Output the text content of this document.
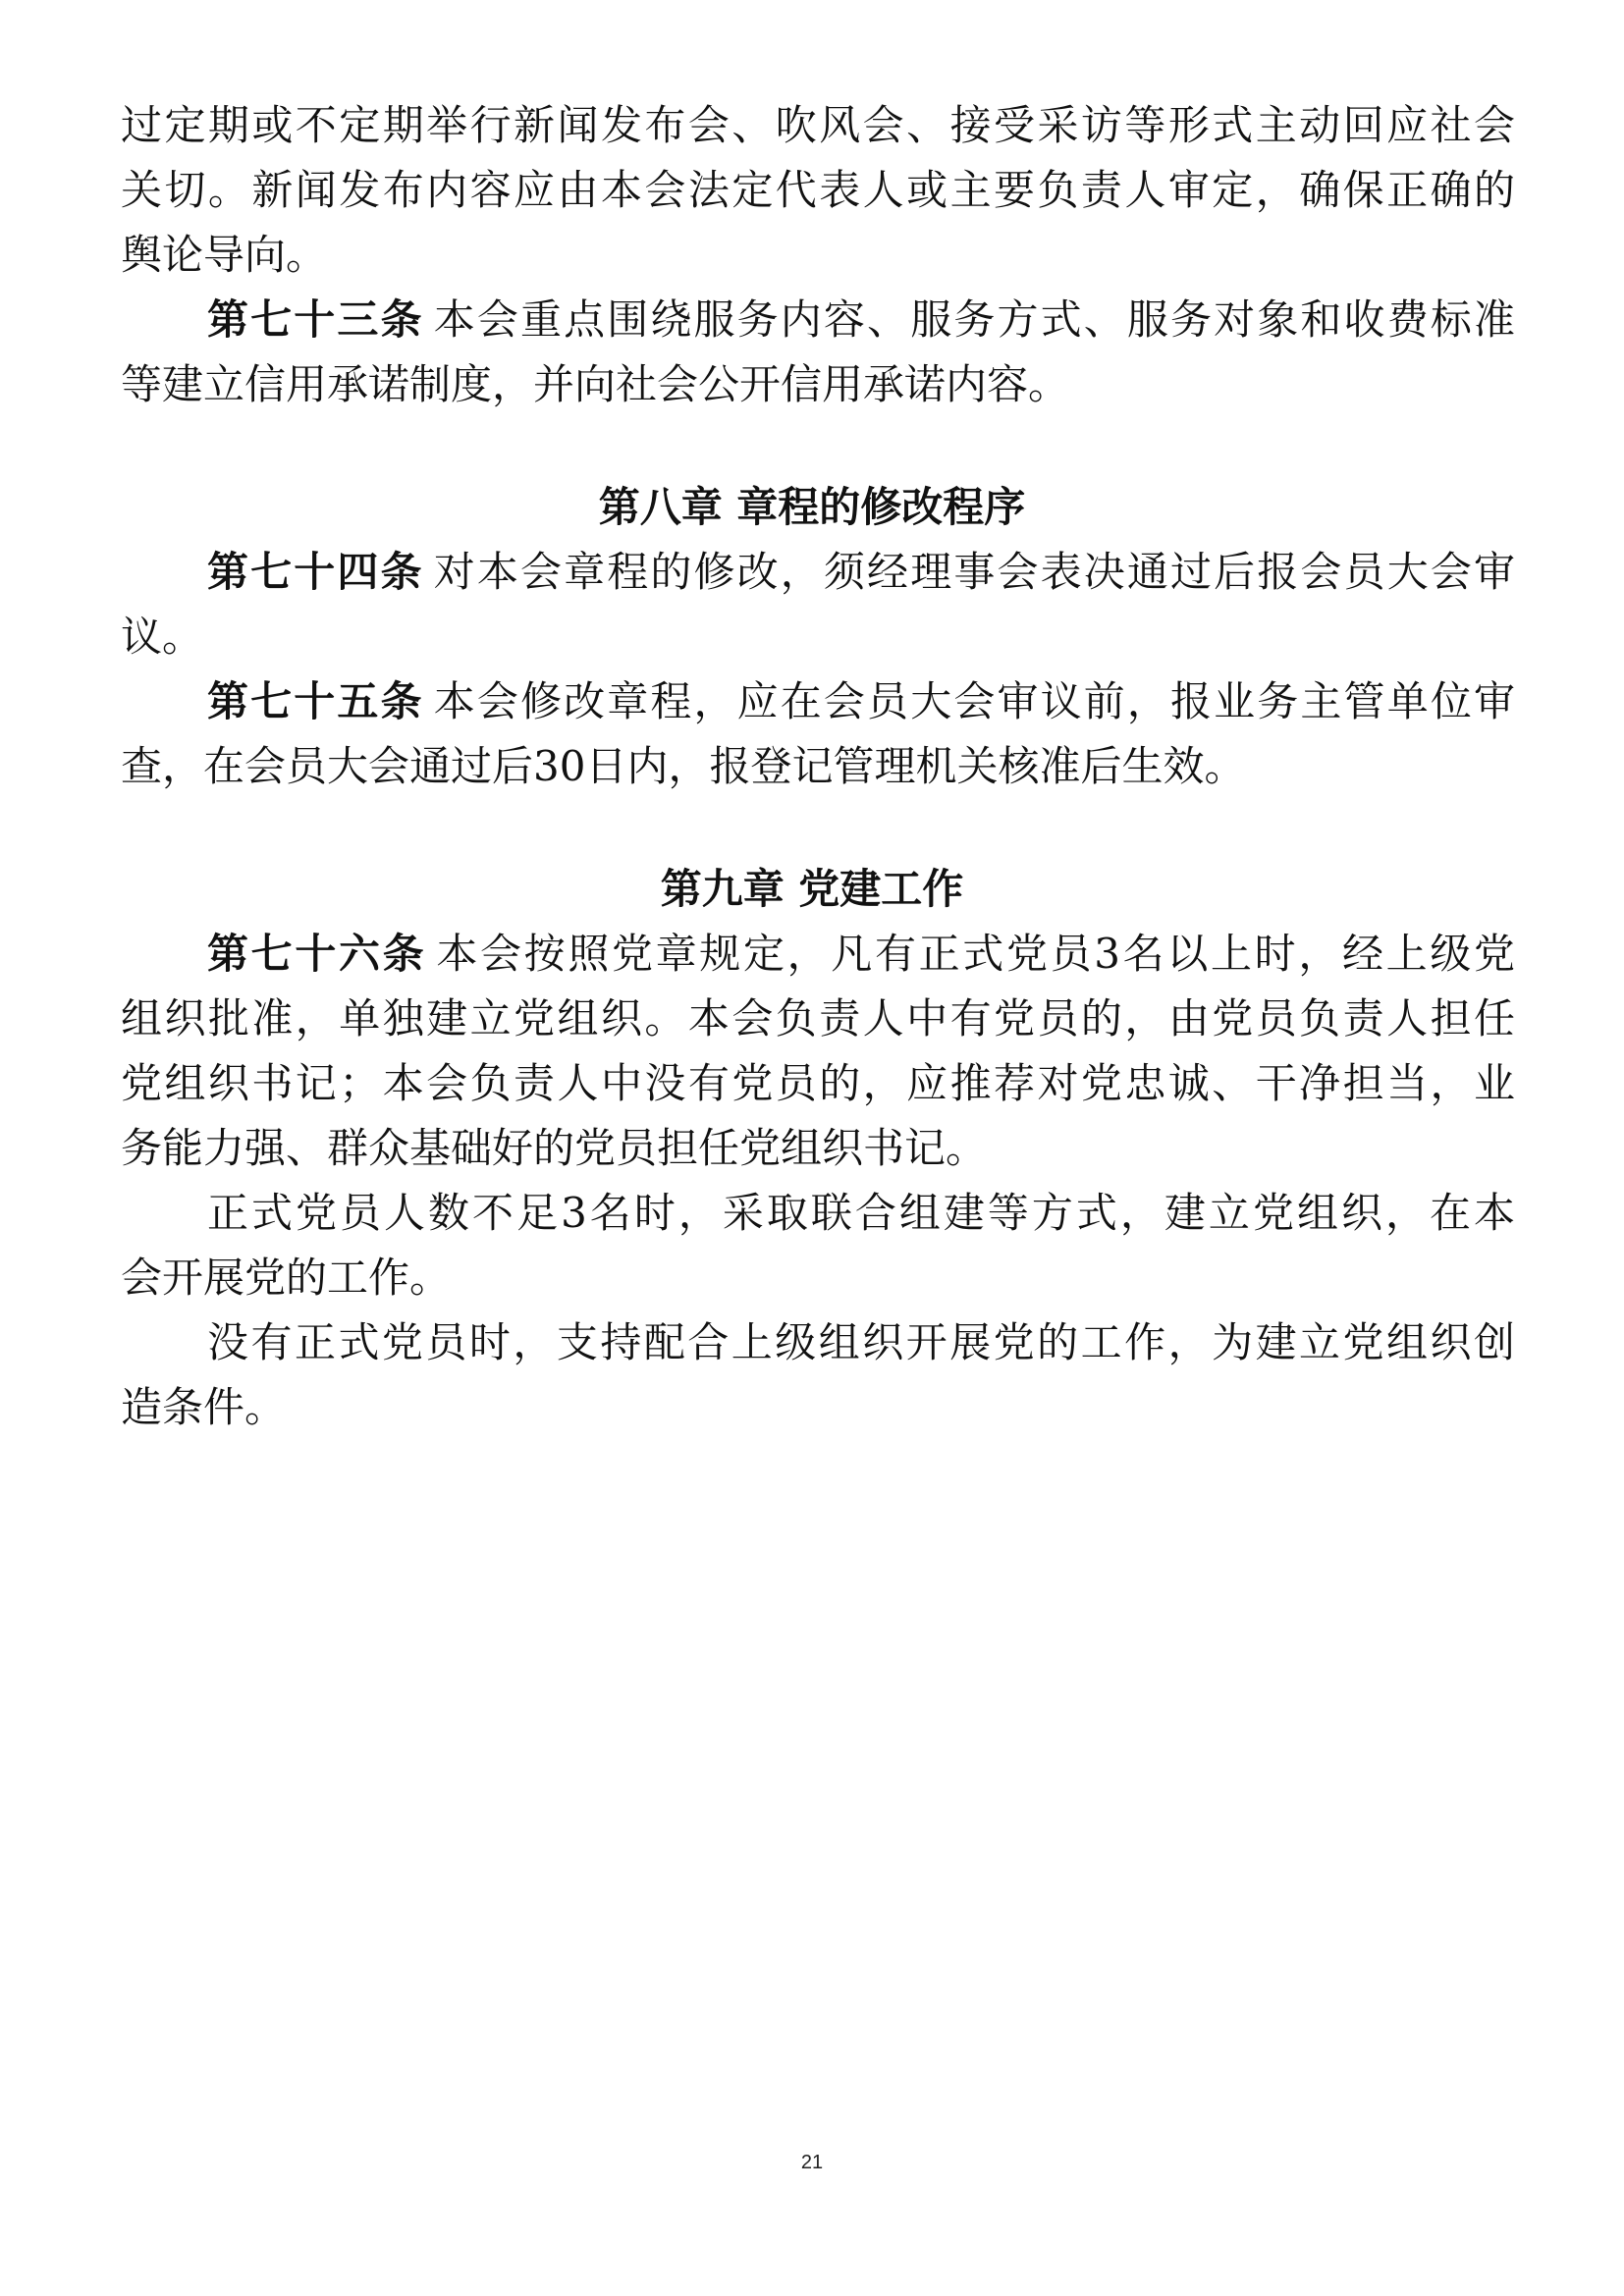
过定期或不定期举行新闻发布会、吹风会、接受采访等形式主动回应社会
关切。新闻发布内容应由本会法定代表人或主要负责人审定，确保正确的
舆论导向。
第七十三条 本会重点围绕服务内容、服务方式、服务对象和收费标准
等建立信用承诺制度，并向社会公开信用承诺内容。
第八章 章程的修改程序
第七十四条 对本会章程的修改，须经理事会表决通过后报会员大会审
议。
第七十五条 本会修改章程，应在会员大会审议前，报业务主管单位审
查，在会员大会通过后30日内，报登记管理机关核准后生效。
第九章 党建工作
第七十六条 本会按照党章规定，凡有正式党员3名以上时，经上级党
组织批准，单独建立党组织。本会负责人中有党员的，由党员负责人担任
党组织书记；本会负责人中没有党员的，应推荐对党忠诚、干净担当，业
务能力强、群众基础好的党员担任党组织书记。
正式党员人数不足3名时，采取联合组建等方式，建立党组织，在本
会开展党的工作。
没有正式党员时，支持配合上级组织开展党的工作，为建立党组织创
造条件。
21
